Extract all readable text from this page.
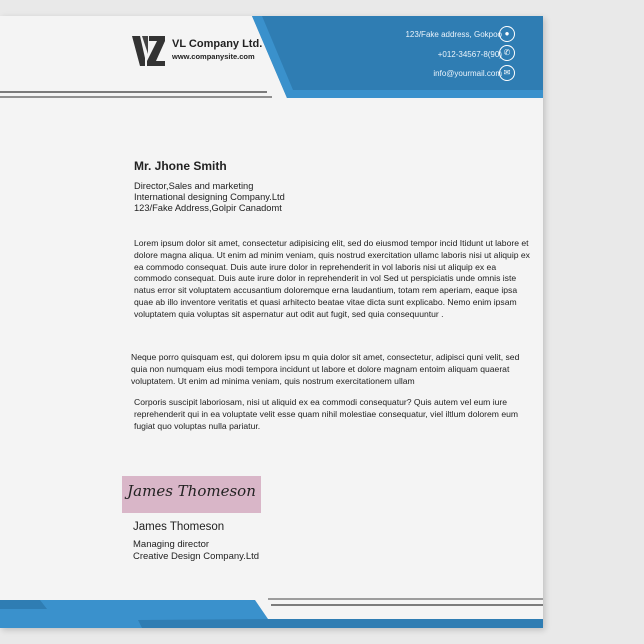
VL Company Ltd.
www.companysite.com
123/Fake address, Gokpoo
+012-34567-8(90)
info@yourmail.com
●
✆
✉
Mr. Jhone Smith
Director,Sales and marketing
International designing Company.Ltd
123/Fake Address,Golpir Canadomt
Lorem ipsum dolor sit amet, consectetur adipisicing elit, sed do eiusmod tempor incid Itidunt ut labore et dolore magna aliqua. Ut enim ad minim veniam, quis nostrud exercitation ullamc laboris nisi ut aliquip ex ea commodo consequat. Duis aute irure dolor in reprehenderit in vol laboris nisi ut aliquip ex ea commodo consequat. Duis aute irure dolor in reprehenderit in vol Sed ut perspiciatis unde omnis iste natus error sit voluptatem accusantium doloremque erna laudantium, totam rem aperiam, eaque ipsa quae ab illo inventore veritatis et quasi arhitecto beatae vitae dicta sunt explicabo. Nemo enim ipsam voluptatem quia voluptas sit aspernatur aut odit aut fugit, sed quia consequuntur .
Neque porro quisquam est, qui dolorem ipsu m quia dolor sit amet, consectetur, adipisci quni velit, sed quia non numquam eius modi tempora incidunt ut labore et dolore magnam entoim aliquam quaerat voluptatem. Ut enim ad minima veniam, quis nostrum exercitationem ullam
Corporis suscipit laboriosam, nisi ut aliquid ex ea commodi consequatur? Quis autem vel eum iure reprehenderit qui in ea voluptate velit esse quam nihil molestiae consequatur, viel iltlum dolorem eum fugiat quo voluptas nulla pariatur.
James Thomeson
James Thomeson
Managing director
Creative Design Company.Ltd
